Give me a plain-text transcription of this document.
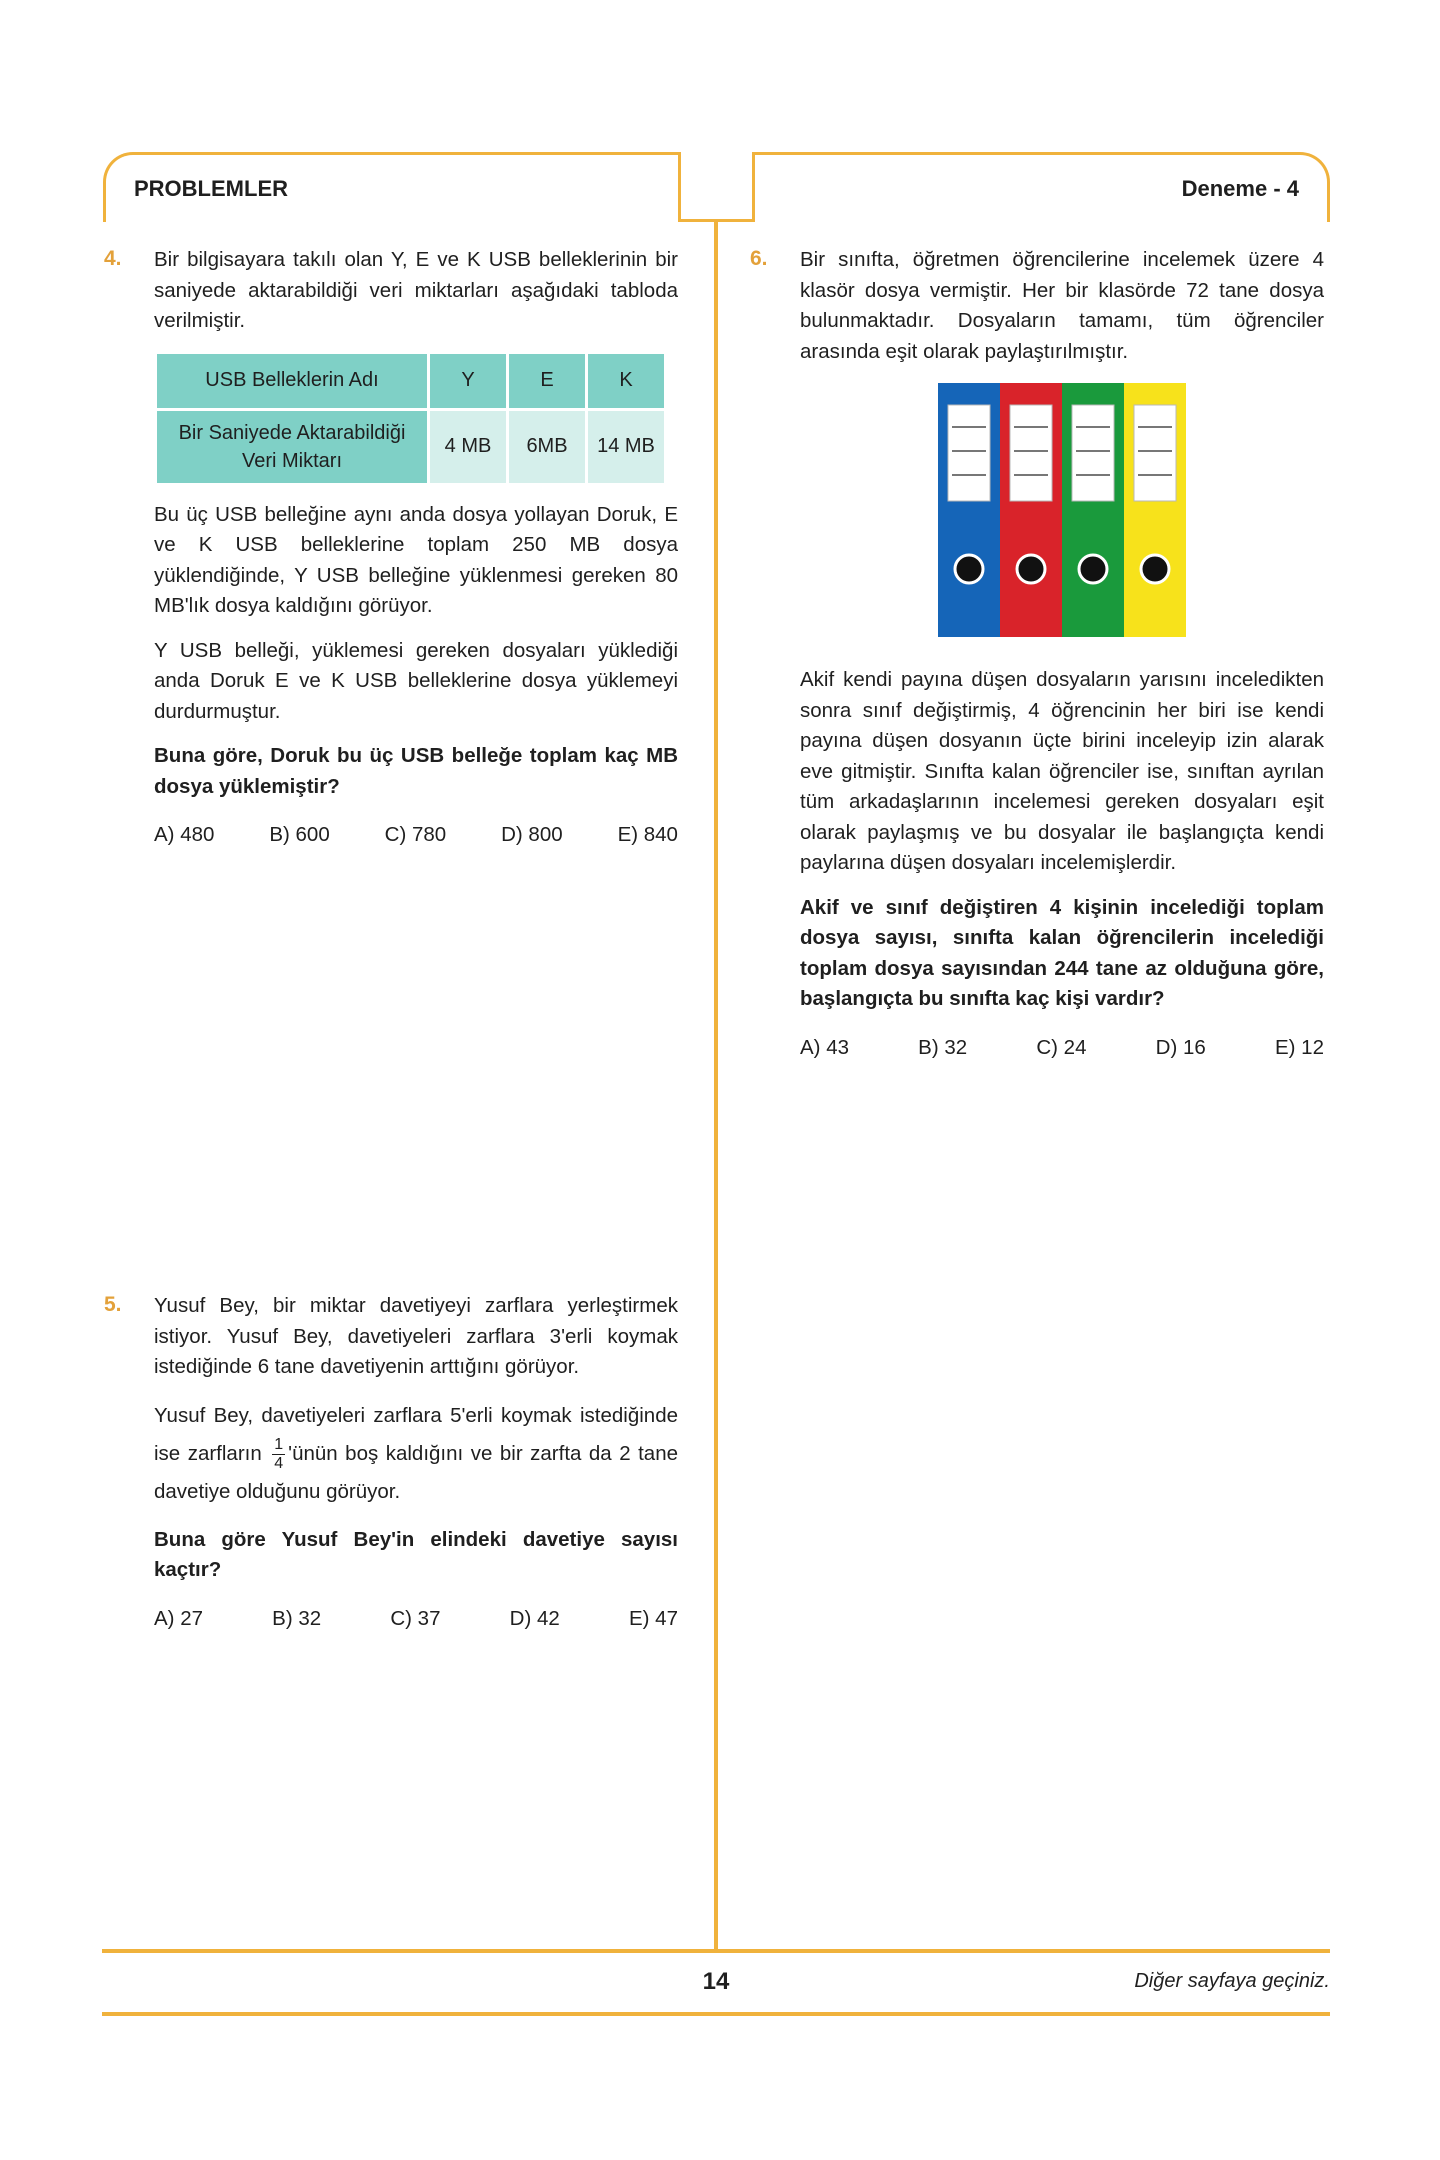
PROBLEMLER	Deneme - 4
4. Bir bilgisayara takılı olan Y, E ve K USB belleklerinin bir saniyede aktarabildiği veri miktarları aşağıdaki tabloda verilmiştir.

USB Belleklerin Adı	Y	E	K
Bir Saniyede Aktarabildiği Veri Miktarı	4 MB	6MB	14 MB

Bu üç USB belleğine aynı anda dosya yollayan Doruk, E ve K USB belleklerine toplam 250 MB dosya yüklendiğinde, Y USB belleğine yüklenmesi gereken 80 MB'lık dosya kaldığını görüyor.

Y USB belleği, yüklemesi gereken dosyaları yüklediği anda Doruk E ve K USB belleklerine dosya yüklemeyi durdurmuştur.

Buna göre, Doruk bu üç USB belleğe toplam kaç MB dosya yüklemiştir?

A) 480	B) 600	C) 780	D) 800	E) 840
5. Yusuf Bey, bir miktar davetiyeyi zarflara yerleştirmek istiyor. Yusuf Bey, davetiyeleri zarflara 3'erli koymak istediğinde 6 tane davetiyenin arttığını görüyor.

Yusuf Bey, davetiyeleri zarflara 5'erli koymak istediğinde ise zarfların $\frac{1}{4}$ 'ünün boş kaldığını ve bir zarfta da 2 tane davetiye olduğunu görüyor.

Buna göre Yusuf Bey'in elindeki davetiye sayısı kaçtır?

A) 27	B) 32	C) 37	D) 42	E) 47
6. Bir sınıfta, öğretmen öğrencilerine incelemek üzere 4 klasör dosya vermiştir. Her bir klasörde 72 tane dosya bulunmaktadır. Dosyaların tamamı, tüm öğrenciler arasında eşit olarak paylaştırılmıştır.

Akif kendi payına düşen dosyaların yarısını inceledikten sonra sınıf değiştirmiş, 4 öğrencinin her biri ise kendi payına düşen dosyanın üçte birini inceleyip izin alarak eve gitmiştir. Sınıfta kalan öğrenciler ise, sınıftan ayrılan tüm arkadaşlarının incelemesi gereken dosyaları eşit olarak paylaşmış ve bu dosyalar ile başlangıçta kendi paylarına düşen dosyaları incelemişlerdir.

Akif ve sınıf değiştiren 4 kişinin incelediği toplam dosya sayısı, sınıfta kalan öğrencilerin incelediği toplam dosya sayısından 244 tane az olduğuna göre, başlangıçta bu sınıfta kaç kişi vardır?

A) 43	B) 32	C) 24	D) 16	E) 12
14	Diğer sayfaya geçiniz.
